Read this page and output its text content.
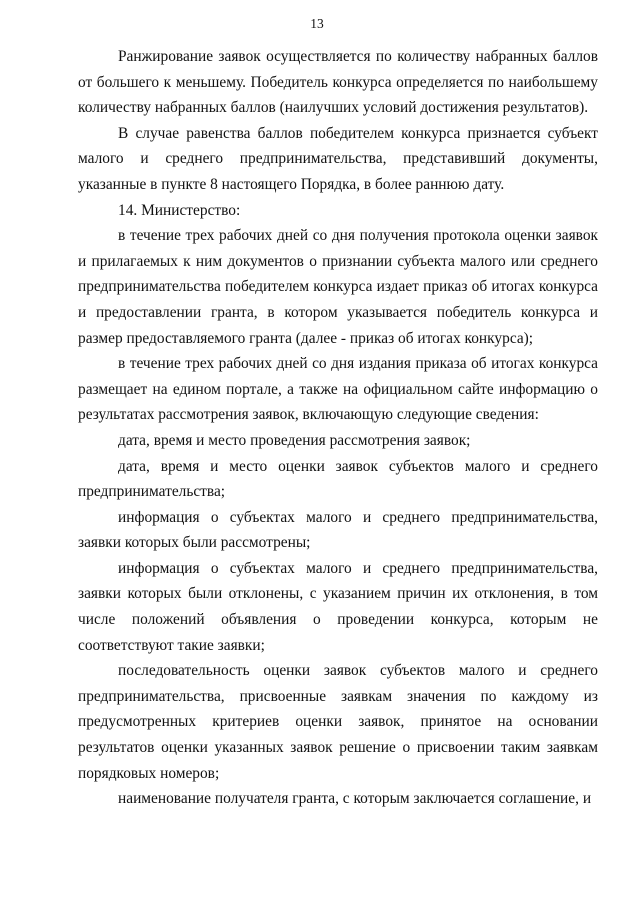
13

Ранжирование заявок осуществляется по количеству набранных баллов от большего к меньшему. Победитель конкурса определяется по наибольшему количеству набранных баллов (наилучших условий достижения результатов).

В случае равенства баллов победителем конкурса признается субъект малого и среднего предпринимательства, представивший документы, указанные в пункте 8 настоящего Порядка, в более раннюю дату.

14. Министерство:

в течение трех рабочих дней со дня получения протокола оценки заявок и прилагаемых к ним документов о признании субъекта малого или среднего предпринимательства победителем конкурса издает приказ об итогах конкурса и предоставлении гранта, в котором указывается победитель конкурса и размер предоставляемого гранта (далее - приказ об итогах конкурса);

в течение трех рабочих дней со дня издания приказа об итогах конкурса размещает на едином портале, а также на официальном сайте информацию о результатах рассмотрения заявок, включающую следующие сведения:

дата, время и место проведения рассмотрения заявок;

дата, время и место оценки заявок субъектов малого и среднего предпринимательства;

информация о субъектах малого и среднего предпринимательства, заявки которых были рассмотрены;

информация о субъектах малого и среднего предпринимательства, заявки которых были отклонены, с указанием причин их отклонения, в том числе положений объявления о проведении конкурса, которым не соответствуют такие заявки;

последовательность оценки заявок субъектов малого и среднего предпринимательства, присвоенные заявкам значения по каждому из предусмотренных критериев оценки заявок, принятое на основании результатов оценки указанных заявок решение о присвоении таким заявкам порядковых номеров;

наименование получателя гранта, с которым заключается соглашение, и
